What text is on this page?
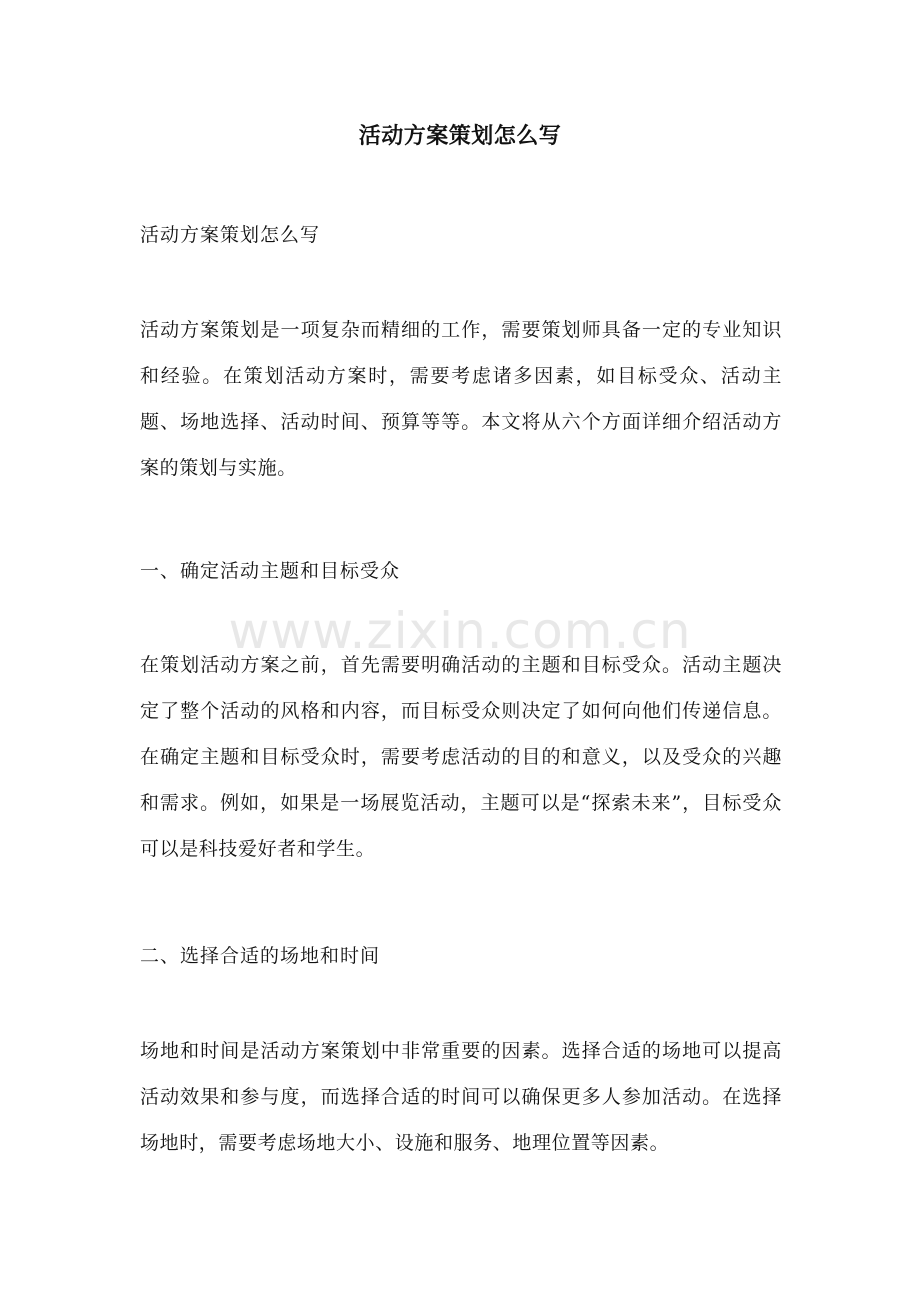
活动方案策划怎么写
活动方案策划怎么写

活动方案策划是一项复杂而精细的工作，需要策划师具备一定的专业知识和经验。在策划活动方案时，需要考虑诸多因素，如目标受众、活动主题、场地选择、活动时间、预算等等。本文将从六个方面详细介绍活动方案的策划与实施。

一、确定活动主题和目标受众

在策划活动方案之前，首先需要明确活动的主题和目标受众。活动主题决定了整个活动的风格和内容，而目标受众则决定了如何向他们传递信息。在确定主题和目标受众时，需要考虑活动的目的和意义，以及受众的兴趣和需求。例如，如果是一场展览活动，主题可以是“探索未来”，目标受众可以是科技爱好者和学生。

二、选择合适的场地和时间

场地和时间是活动方案策划中非常重要的因素。选择合适的场地可以提高活动效果和参与度，而选择合适的时间可以确保更多人参加活动。在选择场地时，需要考虑场地大小、设施和服务、地理位置等因素。

www.zixin.com.cn
